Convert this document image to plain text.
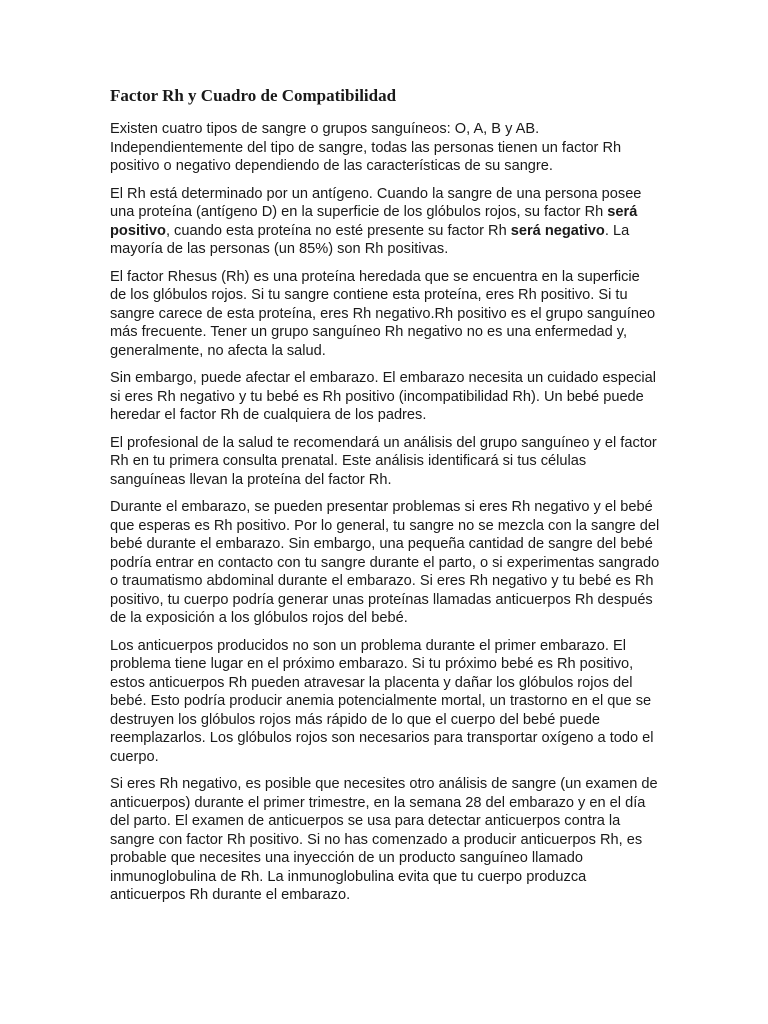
Factor Rh y Cuadro de Compatibilidad

Existen cuatro tipos de sangre o grupos sanguíneos: O, A, B y AB. Independientemente del tipo de sangre, todas las personas tienen un factor Rh positivo o negativo dependiendo de las características de su sangre.

El Rh está determinado por un antígeno. Cuando la sangre de una persona posee una proteína (antígeno D) en la superficie de los glóbulos rojos, su factor Rh será positivo, cuando esta proteína no esté presente su factor Rh será negativo. La mayoría de las personas (un 85%) son Rh positivas.

El factor Rhesus (Rh) es una proteína heredada que se encuentra en la superficie de los glóbulos rojos. Si tu sangre contiene esta proteína, eres Rh positivo. Si tu sangre carece de esta proteína, eres Rh negativo.Rh positivo es el grupo sanguíneo más frecuente. Tener un grupo sanguíneo Rh negativo no es una enfermedad y, generalmente, no afecta la salud.

Sin embargo, puede afectar el embarazo. El embarazo necesita un cuidado especial si eres Rh negativo y tu bebé es Rh positivo (incompatibilidad Rh). Un bebé puede heredar el factor Rh de cualquiera de los padres.

El profesional de la salud te recomendará un análisis del grupo sanguíneo y el factor Rh en tu primera consulta prenatal. Este análisis identificará si tus células sanguíneas llevan la proteína del factor Rh.

Durante el embarazo, se pueden presentar problemas si eres Rh negativo y el bebé que esperas es Rh positivo. Por lo general, tu sangre no se mezcla con la sangre del bebé durante el embarazo. Sin embargo, una pequeña cantidad de sangre del bebé podría entrar en contacto con tu sangre durante el parto, o si experimentas sangrado o traumatismo abdominal durante el embarazo. Si eres Rh negativo y tu bebé es Rh positivo, tu cuerpo podría generar unas proteínas llamadas anticuerpos Rh después de la exposición a los glóbulos rojos del bebé.

Los anticuerpos producidos no son un problema durante el primer embarazo. El problema tiene lugar en el próximo embarazo. Si tu próximo bebé es Rh positivo, estos anticuerpos Rh pueden atravesar la placenta y dañar los glóbulos rojos del bebé. Esto podría producir anemia potencialmente mortal, un trastorno en el que se destruyen los glóbulos rojos más rápido de lo que el cuerpo del bebé puede reemplazarlos. Los glóbulos rojos son necesarios para transportar oxígeno a todo el cuerpo.

Si eres Rh negativo, es posible que necesites otro análisis de sangre (un examen de anticuerpos) durante el primer trimestre, en la semana 28 del embarazo y en el día del parto. El examen de anticuerpos se usa para detectar anticuerpos contra la sangre con factor Rh positivo. Si no has comenzado a producir anticuerpos Rh, es probable que necesites una inyección de un producto sanguíneo llamado inmunoglobulina de Rh. La inmunoglobulina evita que tu cuerpo produzca anticuerpos Rh durante el embarazo.
